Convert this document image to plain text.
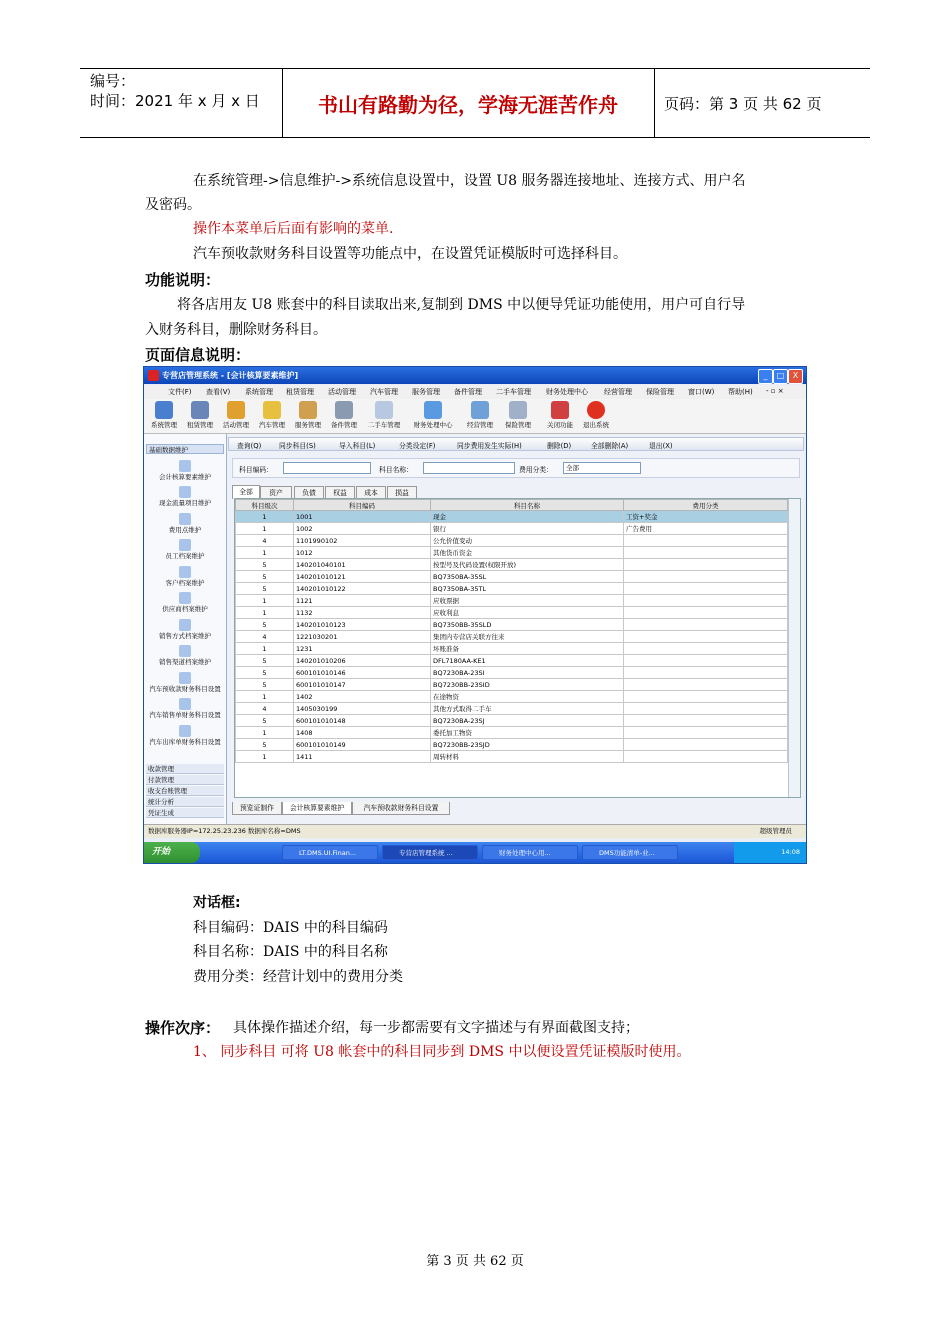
编号：
时间：2021 年 x 月 x 日	书山有路勤为径，学海无涯苦作舟	页码：第 3 页 共 62 页
在系统管理->信息维护->系统信息设置中，设置 U8 服务器连接地址、连接方式、用户名
及密码。
操作本菜单后后面有影响的菜单.
汽车预收款财务科目设置等功能点中，在设置凭证模版时可选择科目。
功能说明：
将各店用友 U8 账套中的科目读取出来,复制到 DMS 中以便导凭证功能使用，用户可自行导
入财务科目，删除财务科目。
页面信息说明：
专营店管理系统 - [会计核算要素维护]	_	□	X
文件(F) 查看(V) 系统管理 租赁管理 活动管理 汽车管理 服务管理 备件管理 二手车管理 财务处理中心 经营管理 保险管理 窗口(W) 帮助(H) - ▫ ×
系统管理	租赁管理	活动管理	汽车管理	服务管理	备件管理	二手车管理	财务处理中心	经营管理	保险管理	关闭功能	退出系统
基础数据维护
会计核算要素维护
现金流量项目维护
费用点维护
员工档案维护
客户档案维护
供应商档案维护
销售方式档案维护
销售渠道档案维护
汽车预收款财务科目设置
汽车销售单财务科目设置
汽车出库单财务科目设置
收款管理
付款管理
收支台账管理
统计分析
凭证生成
查询(Q)	同步科目(S)	导入科目(L)	分类设定(F)	同步费用发生实际(H)	删除(D)	全部删除(A)	退出(X)
科目编码：	科目名称：	费用分类：	全部
全部	资产	负债	权益	成本	损益
科目级次	科目编码	科目名称	费用分类
1	1001	现金	工资+奖金
1	1002	银行	广告费用
4	1101990102	公允价值变动	
1	1012	其他货币资金	
5	140201040101	按型号及代码设置(权限开放)	
5	140201010121	BQ7350BA-35SL	
5	140201010122	BQ7350BA-35TL	
1	1121	应收票据	
1	1132	应收利息	
5	140201010123	BQ7350BB-35SLD	
4	1221030201	集团内专营店关联方往来	
1	1231	坏账准备	
5	140201010206	DFL7180AA-KE1	
5	600101010146	BQ7230BA-23SI	
5	600101010147	BQ7230BB-23SID	
1	1402	在途物资	
4	1405030199	其他方式取得二手车	
5	600101010148	BQ7230BA-23SJ	
1	1408	委托加工物资	
5	600101010149	BQ7230BB-23SJD	
1	1411	周转材料	
预览证制作	会计核算要素维护	汽车预收款财务科目设置
数据库服务器IP=172.25.23.236 数据库名称=DMS	超级管理员
开始	LT.DMS.UI.Finan...	专营店管理系统 ...	财务处理中心用...	DMS功能清单-业...	14:08
对话框:
科目编码：DAIS 中的科目编码
科目名称：DAIS 中的科目名称
费用分类：经营计划中的费用分类
操作次序： 具体操作描述介绍，每一步都需要有文字描述与有界面截图支持；
1、 同步科目 可将 U8 帐套中的科目同步到 DMS 中以便设置凭证模版时使用。
第 3 页 共 62 页
